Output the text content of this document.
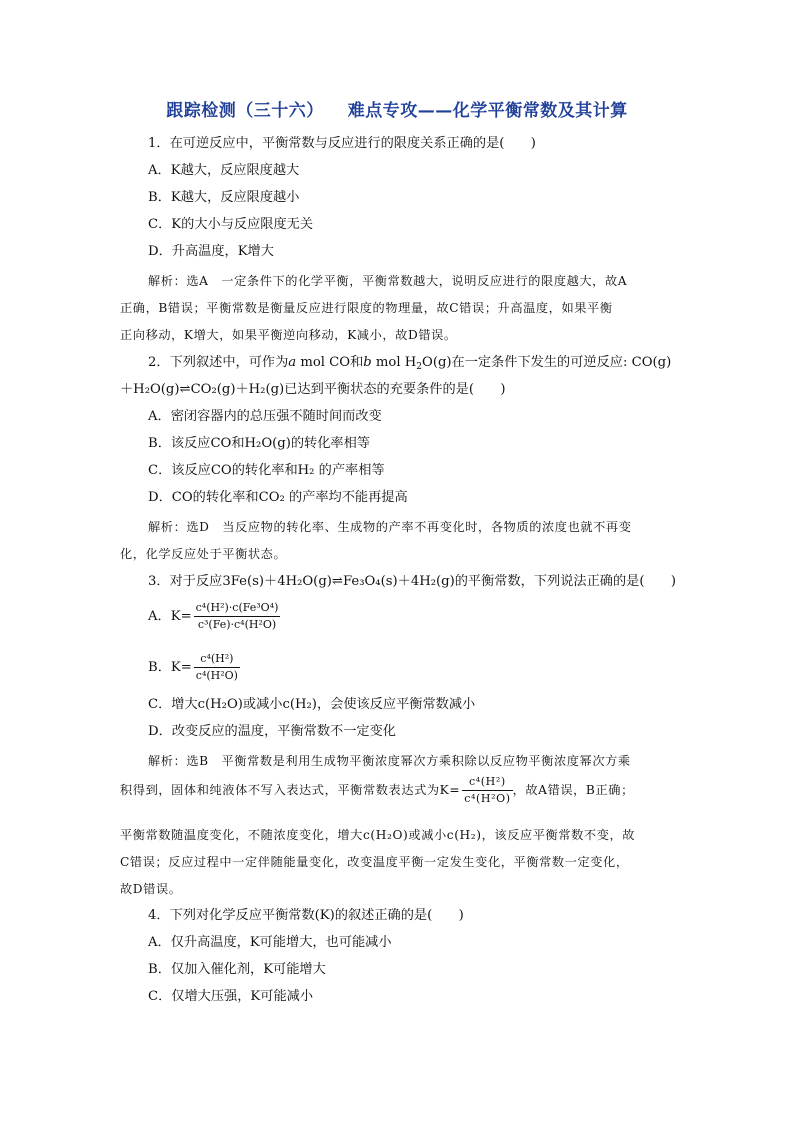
跟踪检测（三十六） 难点专攻——化学平衡常数及其计算
1．在可逆反应中，平衡常数与反应进行的限度关系正确的是(　　)
A．K越大，反应限度越大
B．K越大，反应限度越小
C．K的大小与反应限度无关
D．升高温度，K增大
解析：选A　一定条件下的化学平衡，平衡常数越大，说明反应进行的限度越大，故A
正确，B错误；平衡常数是衡量反应进行限度的物理量，故C错误；升高温度，如果平衡
正向移动，K增大，如果平衡逆向移动，K减小，故D错误。
2．下列叙述中，可作为a mol CO和b mol $H_2O(g)$在一定条件下发生的可逆反应: CO(g)
＋H₂O(g)⇌CO₂(g)＋H₂(g)已达到平衡状态的充要条件的是(　　)
A．密闭容器内的总压强不随时间而改变
B．该反应CO和H₂O(g)的转化率相等
C．该反应CO的转化率和H₂ 的产率相等
D．CO的转化率和CO₂ 的产率均不能再提高
解析：选D　当反应物的转化率、生成物的产率不再变化时，各物质的浓度也就不再变
化，化学反应处于平衡状态。
3．对于反应3Fe(s)＋4H₂O(g)⇌Fe₃O₄(s)＋4H₂(g)的平衡常数，下列说法正确的是(　　)
A．$K= \frac{\text{c⁴(H²)·c(Fe³O⁴)}}{\text{c³(Fe)·c⁴(H²O)}}$
B．$K= \frac{\text{c⁴(H²)}}{\text{c⁴(H²O)}}$
C．增大c(H₂O)或减小c(H₂)，会使该反应平衡常数减小
D．改变反应的温度，平衡常数不一定变化
解析：选B　平衡常数是利用生成物平衡浓度幂次方乘积除以反应物平衡浓度幂次方乘
积得到，固体和纯液体不写入表达式，平衡常数表达式为$K= \frac{\text{c⁴(H²)}}{\text{c⁴(H²O)}}$ ，故A错误，B正确；
平衡常数随温度变化，不随浓度变化，增大c(H₂O)或减小c(H₂)，该反应平衡常数不变，故
C错误；反应过程中一定伴随能量变化，改变温度平衡一定发生变化，平衡常数一定变化，
故D错误。
4．下列对化学反应平衡常数(K)的叙述正确的是(　　)
A．仅升高温度，K可能增大，也可能减小
B．仅加入催化剂，K可能增大
C．仅增大压强，K可能减小
